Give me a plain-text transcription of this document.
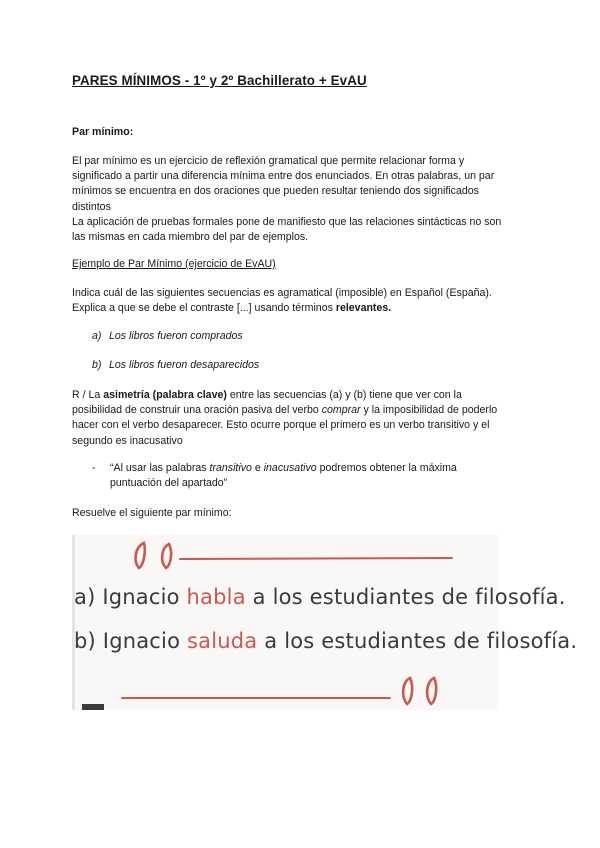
PARES MÍNIMOS - 1º y 2º Bachillerato + EvAU
Par mínimo:
El par mínimo es un ejercicio de reflexión gramatical que permite relacionar forma y
significado a partir una diferencia mínima entre dos enunciados. En otras palabras, un par
mínimos se encuentra en dos oraciones que pueden resultar teniendo dos significados
distintos
La aplicación de pruebas formales pone de manifiesto que las relaciones sintácticas no son
las mismas en cada miembro del par de ejemplos.
Ejemplo de Par Mínimo (ejercicio de EvAU)
Indica cuál de las siguientes secuencias es agramatical (imposible) en Español (España).
Explica a que se debe el contraste [...] usando términos relevantes.
a) Los libros fueron comprados
b) Los libros fueron desaparecidos
R / La asimetría (palabra clave) entre las secuencias (a) y (b) tiene que ver con la
posibilidad de construir una oración pasiva del verbo comprar y la imposibilidad de poderlo
hacer con el verbo desaparecer. Esto ocurre porque el primero es un verbo transitivo y el
segundo es inacusativo
- “Al usar las palabras transitivo e inacusativo podremos obtener la máxima
puntuación del apartado”
Resuelve el siguiente par mínimo:
a) Ignacio habla a los estudiantes de filosofía.
b) Ignacio saluda a los estudiantes de filosofía.
